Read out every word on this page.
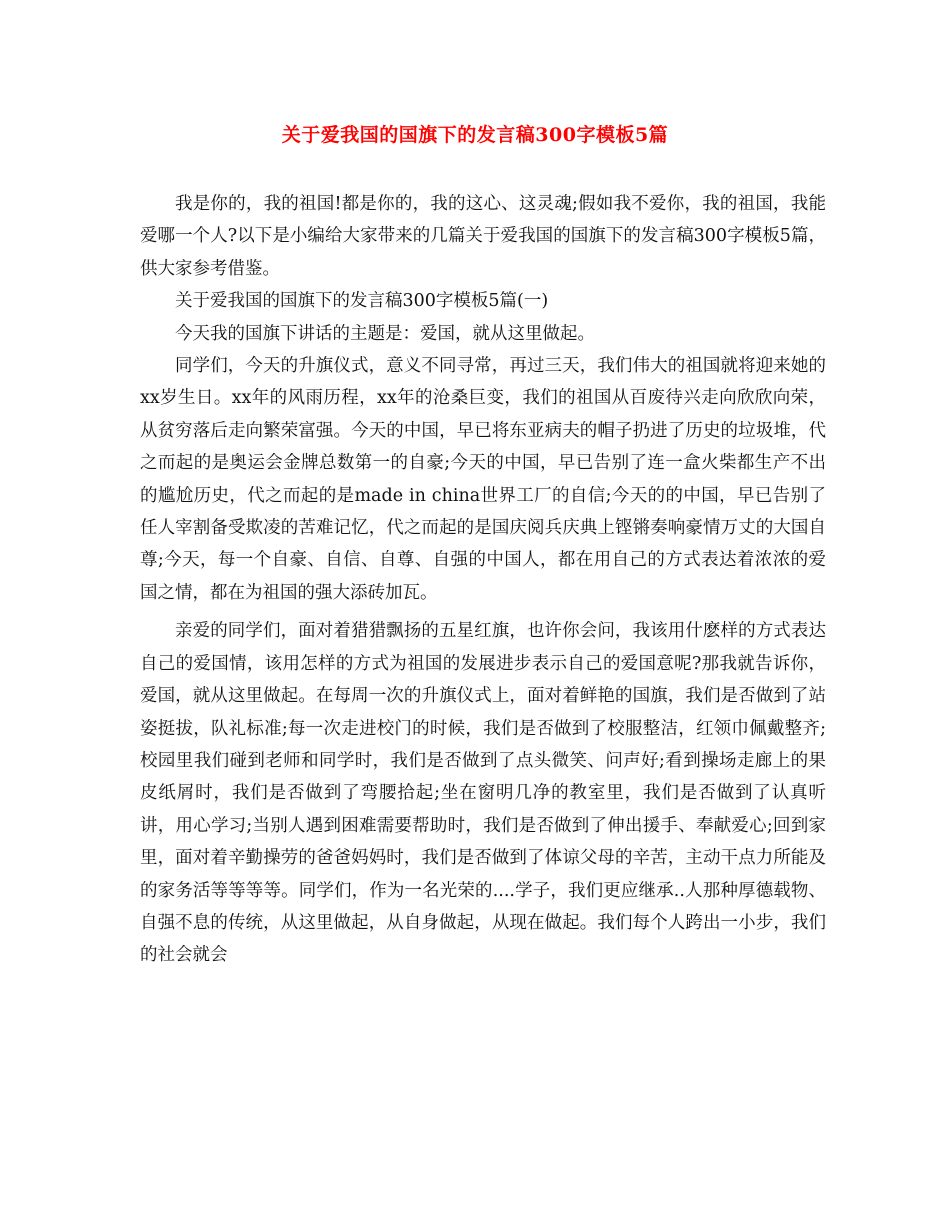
关于爱我国的国旗下的发言稿300字模板5篇

我是你的，我的祖国!都是你的，我的这心、这灵魂;假如我不爱你，我的祖国，我能爱哪一个人?以下是小编给大家带来的几篇关于爱我国的国旗下的发言稿300字模板5篇，供大家参考借鉴。

关于爱我国的国旗下的发言稿300字模板5篇(一)

今天我的国旗下讲话的主题是：爱国，就从这里做起。

同学们，今天的升旗仪式，意义不同寻常，再过三天，我们伟大的祖国就将迎来她的xx岁生日。xx年的风雨历程，xx年的沧桑巨变，我们的祖国从百废待兴走向欣欣向荣，从贫穷落后走向繁荣富强。今天的中国，早已将东亚病夫的帽子扔进了历史的垃圾堆，代之而起的是奥运会金牌总数第一的自豪;今天的中国，早已告别了连一盒火柴都生产不出的尴尬历史，代之而起的是made in china世界工厂的自信;今天的的中国，早已告别了任人宰割备受欺凌的苦难记忆，代之而起的是国庆阅兵庆典上铿锵奏响豪情万丈的大国自尊;今天，每一个自豪、自信、自尊、自强的中国人，都在用自己的方式表达着浓浓的爱国之情，都在为祖国的强大添砖加瓦。

亲爱的同学们，面对着猎猎飘扬的五星红旗，也许你会问，我该用什麽样的方式表达自己的爱国情，该用怎样的方式为祖国的发展进步表示自己的爱国意呢?那我就告诉你，爱国，就从这里做起。在每周一次的升旗仪式上，面对着鲜艳的国旗，我们是否做到了站姿挺拔，队礼标准;每一次走进校门的时候，我们是否做到了校服整洁，红领巾佩戴整齐;校园里我们碰到老师和同学时，我们是否做到了点头微笑、问声好;看到操场走廊上的果皮纸屑时，我们是否做到了弯腰拾起;坐在窗明几净的教室里，我们是否做到了认真听讲，用心学习;当别人遇到困难需要帮助时，我们是否做到了伸出援手、奉献爱心;回到家里，面对着辛勤操劳的爸爸妈妈时，我们是否做到了体谅父母的辛苦，主动干点力所能及的家务活等等等等。同学们，作为一名光荣的....学子，我们更应继承..人那种厚德载物、自强不息的传统，从这里做起，从自身做起，从现在做起。我们每个人跨出一小步，我们的社会就会
